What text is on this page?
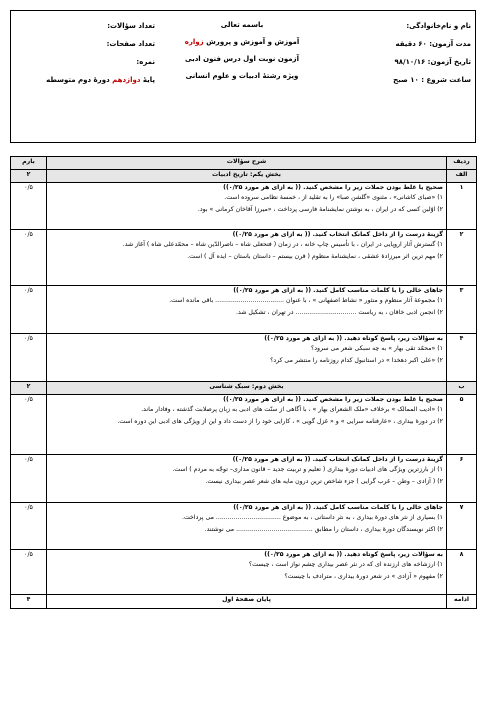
نام و نام‌خانوادگی:
مدت آزمون: ۶۰ دقیقه
تاریخ آزمون: ۹۸/۱۰/۱۶
ساعت شروع : ۱۰ صبح
باسمه تعالی
آموزش و آموزش و پرورش زواره
آزمون نوبت اول درس فنون ادبی
ویژه رشتهٔ ادبیات و علوم انسانی
تعداد سؤالات:
تعداد صفحات:
نمره:
پایهٔ دوازدهم دورهٔ دوم متوسطه
ردیف	شرح سؤالات	بارم
الف	بخش یکم: تاریخ ادبیات	۲
۱	صحیح یا غلط بودن جملات زیر را مشخص کنید. (( به ازای هر مورد ۰/۲۵))
۱) «صبای کاشانی» ، مثنوی «گلشن صبا» را به تقلید از ، خمسهٔ نظامی سروده است.
۲) اوّلین کسی که در ایران ، به نوشتن نمایشنامهٔ فارسی پرداخت ، «میرزا آقاخان کرمانی » بود.	۰/۵
۲	گزینهٔ درست را از داخل کمانک انتخاب کنید. (( به ازای هر مورد ۰/۲۵))
۱) گسترش آثار اروپایی در ایران ، با تأسیس چاپ خانه ، در زمان ( فتحعلی شاه – ناصرالدّین شاه – محمّدعلی شاه ) آغاز شد.
۲) مهم ترین اثر میرزادهٔ عشقی ، نمایشنامهٔ منظوم ( قرن بیستم – داستان باستان – ایده آل ) است.	۰/۵
۳	جاهای خالی را با کلمات مناسب کامل کنید. (( به ازای هر مورد ۰/۲۵))
۱) مجموعهٔ آثار منظوم و منثور « نشاط اصفهانی » ، با عنوان ................................... باقی مانده است.
۲) انجمن ادبی خاقان ، به ریاست ............................... در تهران ، تشکیل شد.	۰/۵
۴	به سؤالات زیر، پاسخ کوتاه دهید. (( به ازای هر مورد ۰/۲۵))
۱) «محمّد تقی بهار » به چه سبکی شعر می سرود؟
۲) «علی اکبر دهخدا » در استانبول کدام روزنامه را منتشر می کرد؟	۰/۵
ب	بخش دوم: سبک شناسی	۲
۵	صحیح یا غلط بودن جملات زیر را مشخص کنید. (( به ازای هر مورد ۰/۲۵))
۱) «ادیب الممالک » برخلاف «ملک الشعرای بهار » ، با آگاهی از سنّت های ادبی به زبان پرصلابت گذشته ، وفادار ماند.
۲) در دورهٔ بیداری ، «عارفنامه سرایی » و « غزل گویی » ، کارایی خود را از دست داد و این از ویژگی های ادبی این دوره است.	۰/۵
۶	گزینهٔ درست را از داخل کمانک انتخاب کنید. (( به ازای هر مورد ۰/۲۵))
۱) از بارزترین ویژگی های ادبیات دورهٔ بیداری ( تعلیم و تربیت جدید – قانون مداری– توجّه به مردم ) است.
۲) ( آزادی – وطن – غرب گرایی ) جزء شاخص ترین درون مایه های شعر عصر بیداری نیست.	۰/۵
۷	جاهای خالی را با کلمات مناسب کامل کنید. (( به ازای هر مورد ۰/۲۵))
۱) بسیاری از نثر های دورهٔ بیداری ، به نثر داستانی ، به موضوع ................................. می پرداخت.
۲) اکثر نویسندگان دورهٔ بیداری ، داستان را مطابق ....................................... می نوشتند.	۰/۵
۸	به سؤالات زیر، پاسخ کوتاه دهید. (( به ازای هر مورد ۰/۲۵))
۱) ارزشاخه های ارزنده ای که در نثر عصر بیداری چشم نواز است ، چیست؟
۲) مفهوم « آزادی » در شعر دورهٔ بیداری ، مترادف با چیست؟	۰/۵
ادامه	پایان صفحهٔ اول	۴
